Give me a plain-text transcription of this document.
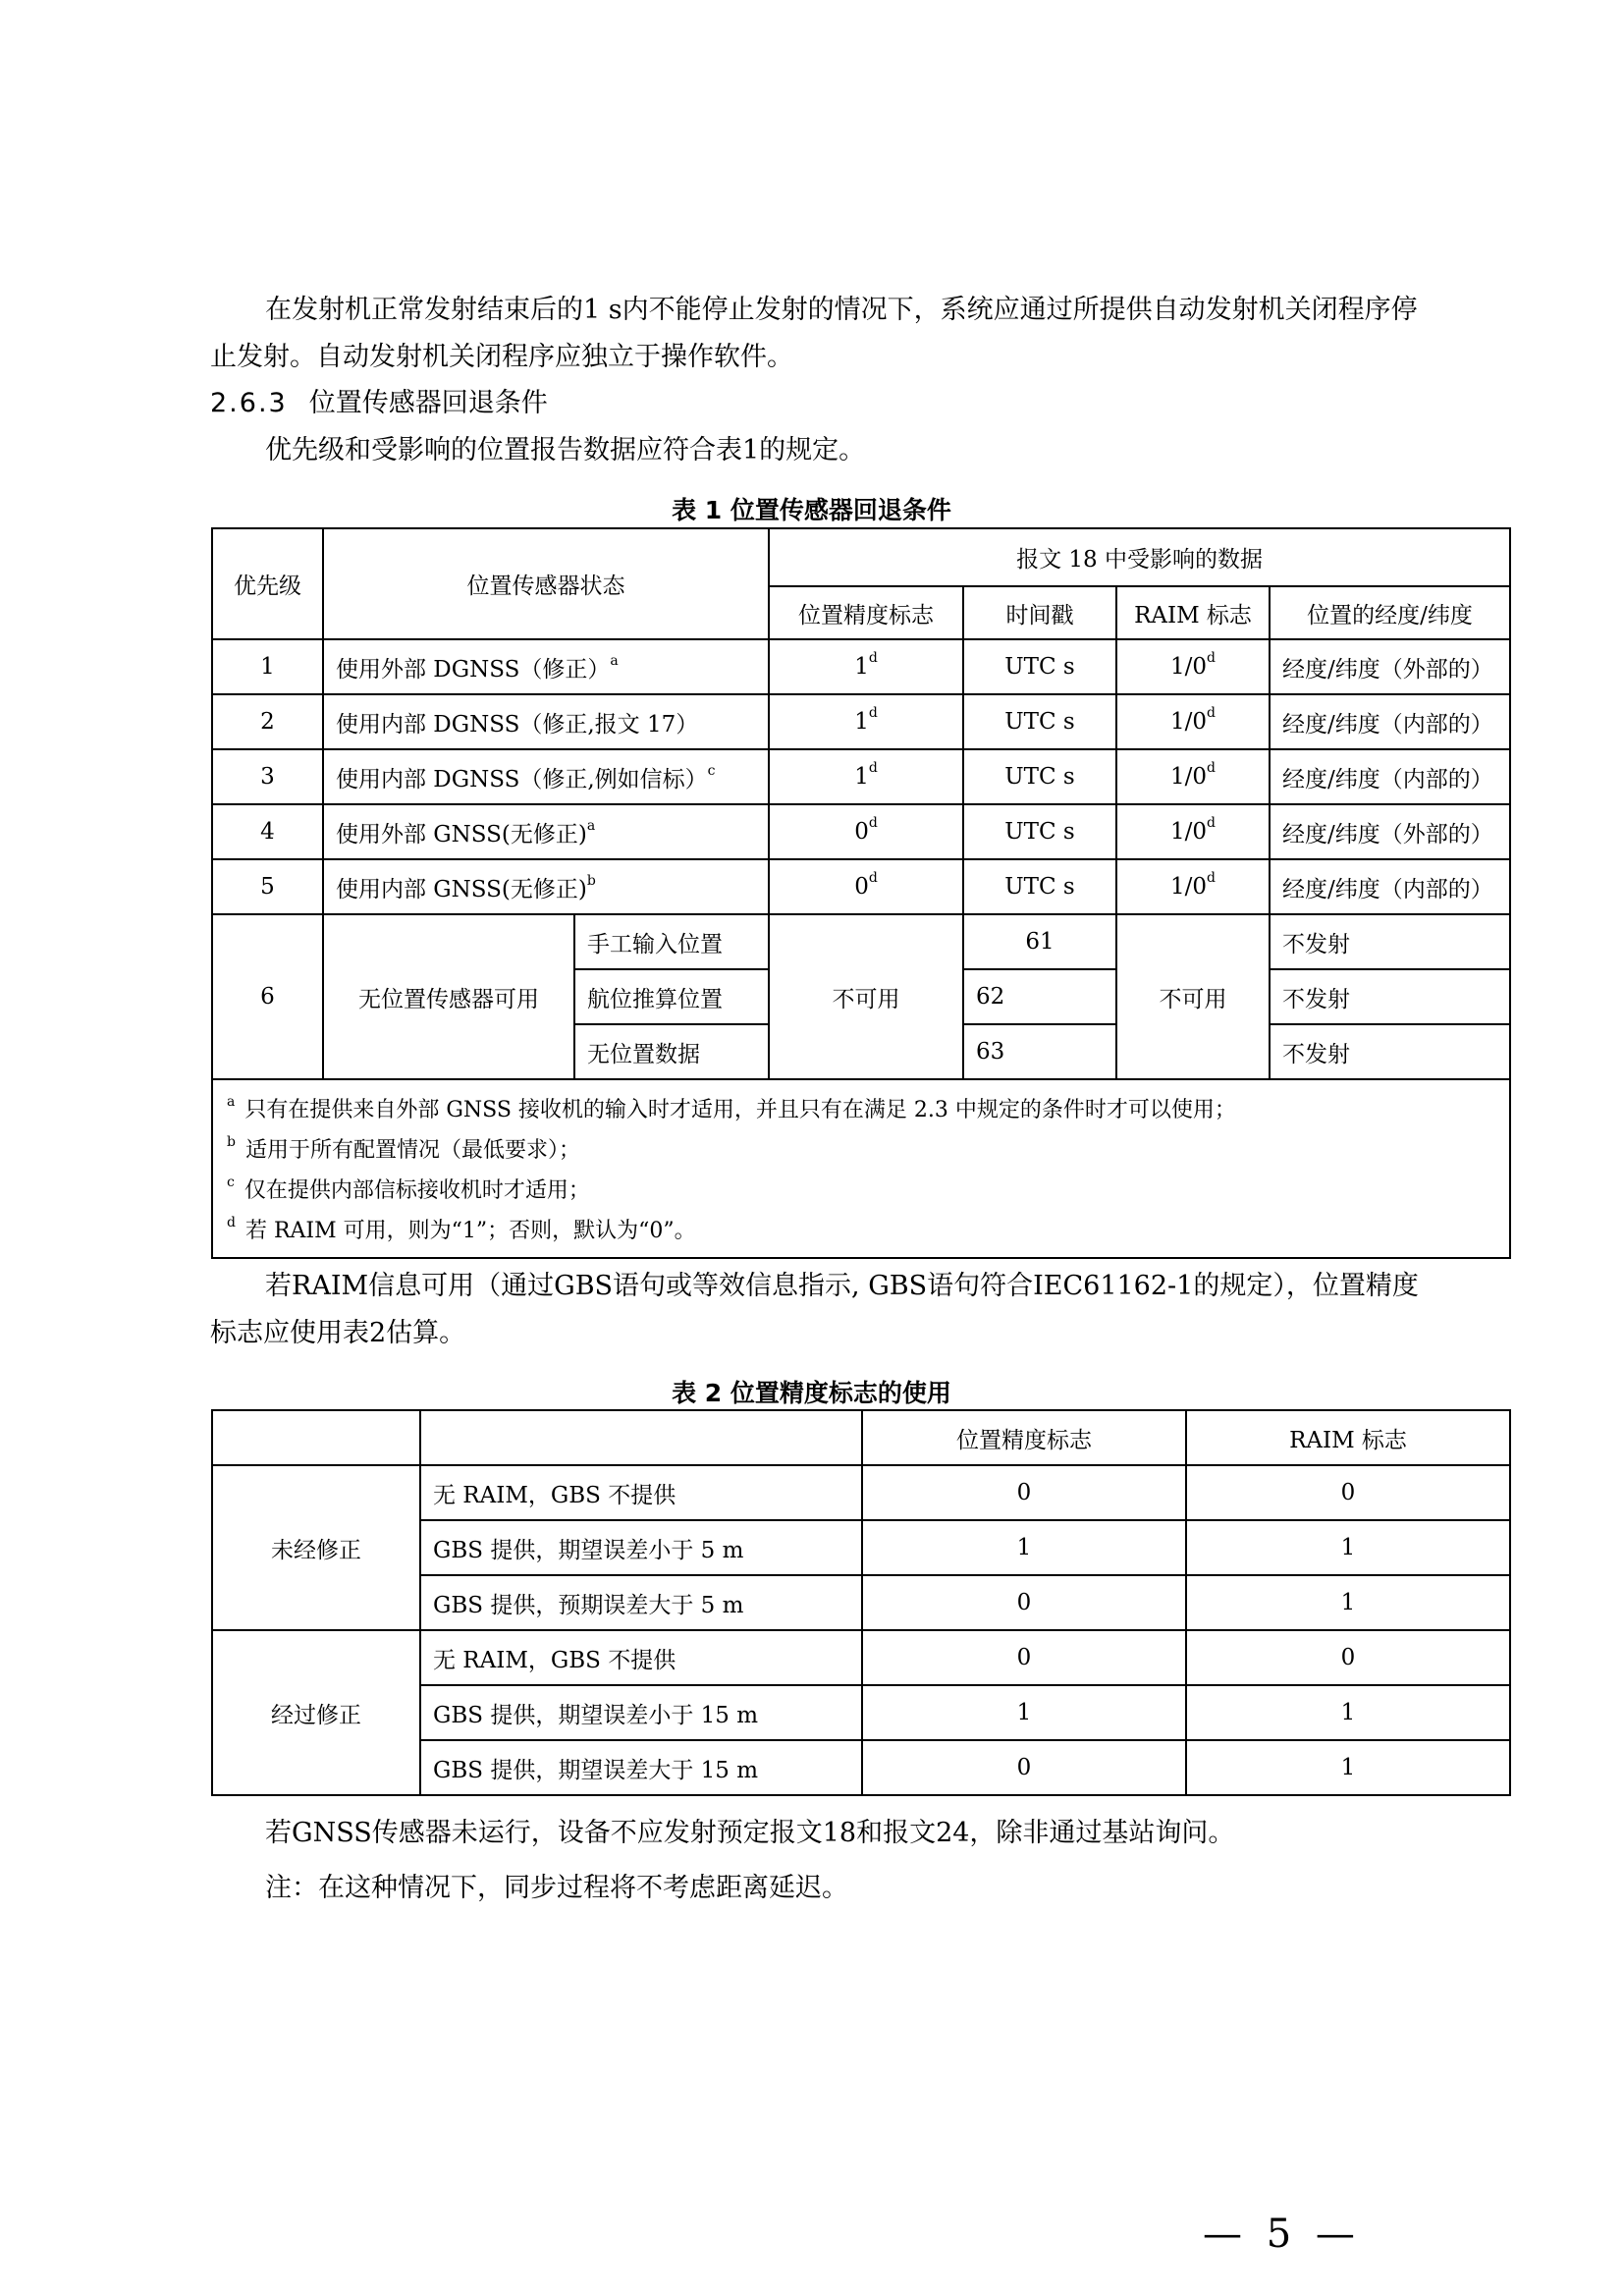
在发射机正常发射结束后的1 s内不能停止发射的情况下，系统应通过所提供自动发射机关闭程序停止发射。自动发射机关闭程序应独立于操作软件。

2.6.3 位置传感器回退条件

优先级和受影响的位置报告数据应符合表1的规定。

表 1 位置传感器回退条件

优先级	位置传感器状态		报文 18 中受影响的数据			
			位置精度标志	时间戳	RAIM 标志	位置的经度/纬度
1	使用外部 DGNSS（修正）$^a$		1$^d$	UTC s	1/0$^d$	经度/纬度（外部的）
2	使用内部 DGNSS（修正,报文 17）		1$^d$	UTC s	1/0$^d$	经度/纬度（内部的）
3	使用内部 DGNSS（修正,例如信标）$^c$		1$^d$	UTC s	1/0$^d$	经度/纬度（内部的）
4	使用外部 GNSS(无修正)$^a$		0$^d$	UTC s	1/0$^d$	经度/纬度（外部的）
5	使用内部 GNSS(无修正)$^b$		0$^d$	UTC s	1/0$^d$	经度/纬度（内部的）
6	无位置传感器可用	手工输入位置	不可用	61	不可用	不发射
		航位推算位置		62		不发射
		无位置数据		63		不发射

$^a$ 只有在提供来自外部 GNSS 接收机的输入时才适用，并且只有在满足 2.3 中规定的条件时才可以使用；
$^b$ 适用于所有配置情况（最低要求）；
$^c$ 仅在提供内部信标接收机时才适用；
$^d$ 若 RAIM 可用，则为“1”；否则，默认为“0”。						

若RAIM信息可用（通过GBS语句或等效信息指示, GBS语句符合IEC61162-1的规定），位置精度标志应使用表2估算。

表 2 位置精度标志的使用

		位置精度标志	RAIM 标志
未经修正	无 RAIM，GBS 不提供	0	0
	GBS 提供，期望误差小于 5 m	1	1
	GBS 提供，预期误差大于 5 m	0	1
经过修正	无 RAIM，GBS 不提供	0	0
	GBS 提供，期望误差小于 15 m	1	1
	GBS 提供，期望误差大于 15 m	0	1

若GNSS传感器未运行，设备不应发射预定报文18和报文24，除非通过基站询问。

注：在这种情况下，同步过程将不考虑距离延迟。

— 5 —
